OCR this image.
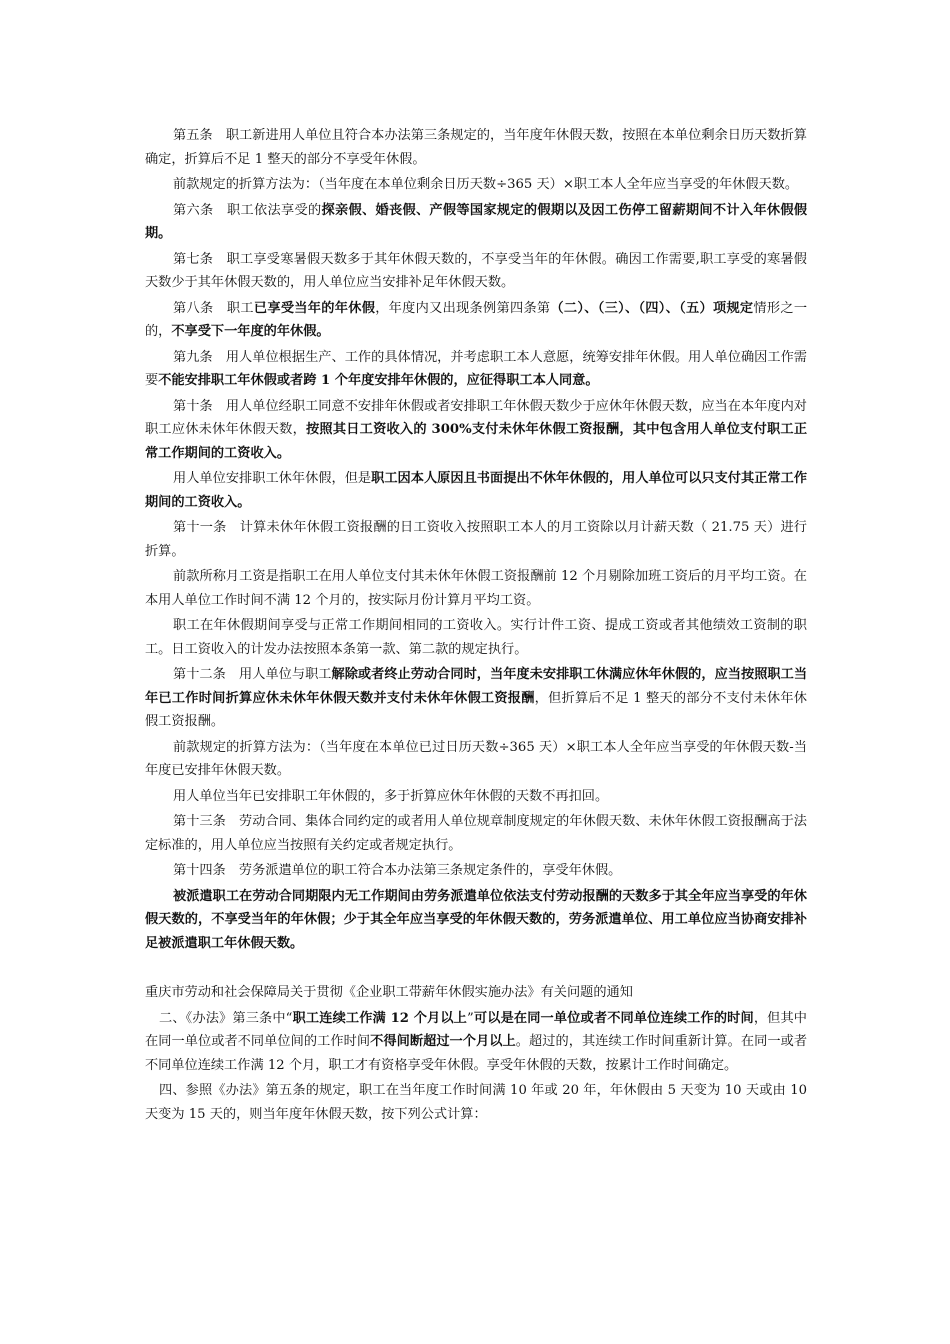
第五条　职工新进用人单位且符合本办法第三条规定的，当年度年休假天数，按照在本单位剩余日历天数折算确定，折算后不足 1 整天的部分不享受年休假。
前款规定的折算方法为：（当年度在本单位剩余日历天数÷365 天）×职工本人全年应当享受的年休假天数。
第六条　职工依法享受的探亲假、婚丧假、产假等国家规定的假期以及因工伤停工留薪期间不计入年休假假期。
第七条　职工享受寒暑假天数多于其年休假天数的，不享受当年的年休假。确因工作需要,职工享受的寒暑假天数少于其年休假天数的，用人单位应当安排补足年休假天数。
第八条　职工已享受当年的年休假，年度内又出现条例第四条第（二）、（三）、（四）、（五）项规定情形之一的，不享受下一年度的年休假。
第九条　用人单位根据生产、工作的具体情况，并考虑职工本人意愿，统筹安排年休假。用人单位确因工作需要不能安排职工年休假或者跨 1 个年度安排年休假的，应征得职工本人同意。
第十条　用人单位经职工同意不安排年休假或者安排职工年休假天数少于应休年休假天数，应当在本年度内对职工应休未休年休假天数，按照其日工资收入的 300%支付未休年休假工资报酬，其中包含用人单位支付职工正常工作期间的工资收入。
用人单位安排职工休年休假，但是职工因本人原因且书面提出不休年休假的，用人单位可以只支付其正常工作期间的工资收入。
第十一条　计算未休年休假工资报酬的日工资收入按照职工本人的月工资除以月计薪天数（ 21.75 天）进行折算。
前款所称月工资是指职工在用人单位支付其未休年休假工资报酬前 12 个月剔除加班工资后的月平均工资。在本用人单位工作时间不满 12 个月的，按实际月份计算月平均工资。
职工在年休假期间享受与正常工作期间相同的工资收入。实行计件工资、提成工资或者其他绩效工资制的职工。日工资收入的计发办法按照本条第一款、第二款的规定执行。
第十二条　用人单位与职工解除或者终止劳动合同时，当年度未安排职工休满应休年休假的，应当按照职工当年已工作时间折算应休未休年休假天数并支付未休年休假工资报酬，但折算后不足 1 整天的部分不支付未休年休假工资报酬。
前款规定的折算方法为：（当年度在本单位已过日历天数÷365 天）×职工本人全年应当享受的年休假天数-当年度已安排年休假天数。
用人单位当年已安排职工年休假的，多于折算应休年休假的天数不再扣回。
第十三条　劳动合同、集体合同约定的或者用人单位规章制度规定的年休假天数、未休年休假工资报酬高于法定标准的，用人单位应当按照有关约定或者规定执行。
第十四条　劳务派遣单位的职工符合本办法第三条规定条件的，享受年休假。
被派遣职工在劳动合同期限内无工作期间由劳务派遣单位依法支付劳动报酬的天数多于其全年应当享受的年休假天数的，不享受当年的年休假；少于其全年应当享受的年休假天数的，劳务派遣单位、用工单位应当协商安排补足被派遣职工年休假天数。
重庆市劳动和社会保障局关于贯彻《企业职工带薪年休假实施办法》有关问题的通知
二、《办法》第三条中“职工连续工作满 12 个月以上”可以是在同一单位或者不同单位连续工作的时间，但其中在同一单位或者不同单位间的工作时间不得间断超过一个月以上。超过的，其连续工作时间重新计算。在同一或者不同单位连续工作满 12 个月，职工才有资格享受年休假。享受年休假的天数，按累计工作时间确定。
四、参照《办法》第五条的规定，职工在当年度工作时间满 10 年或 20 年，年休假由 5 天变为 10 天或由 10 天变为 15 天的，则当年度年休假天数，按下列公式计算：
